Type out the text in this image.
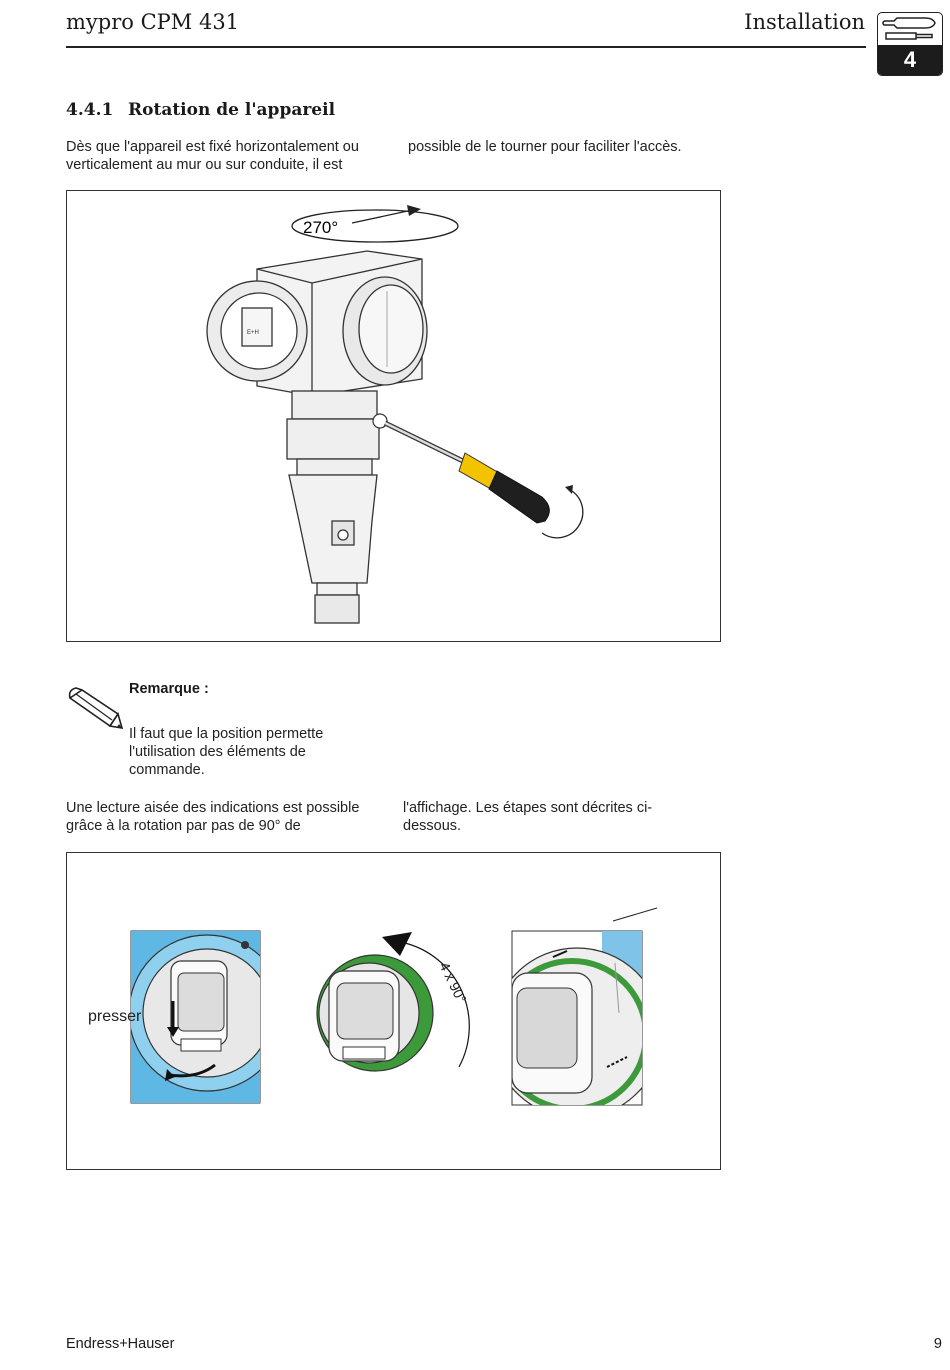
mypro CPM 431	Installation
4
4.4.1 Rotation de l'appareil
Dès que l'appareil est fixé horizontalement ou verticalement au mur ou sur conduite, il est
possible de le tourner pour faciliter l'accès.
270°
E+H
Remarque :
Il faut que la position permette l'utilisation des éléments de commande.
Une lecture aisée des indications est possible grâce à la rotation par pas de 90° de
l'affichage. Les étapes sont décrites ci-dessous.
presser
4 x 90°
Endress+Hauser	9
